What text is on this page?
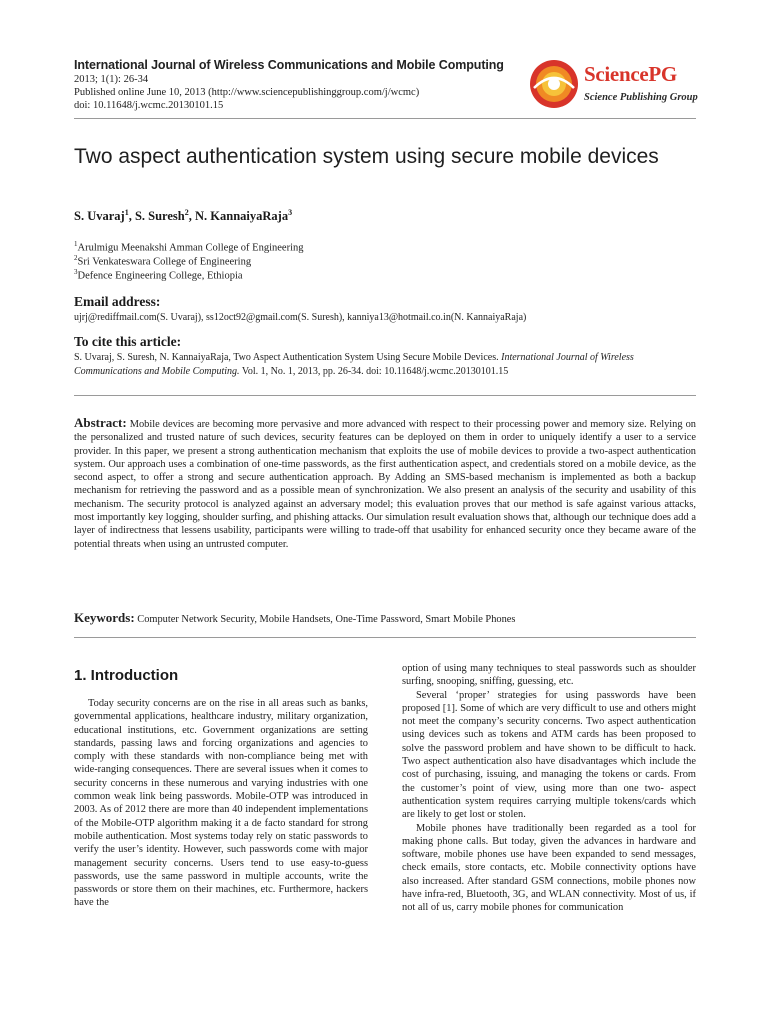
International Journal of Wireless Communications and Mobile Computing
2013; 1(1): 26-34
Published online June 10, 2013 (http://www.sciencepublishinggroup.com/j/wcmc)
doi: 10.11648/j.wcmc.20130101.15
SciencePG
Science Publishing Group
Two aspect authentication system using secure mobile devices
S. Uvaraj$^1$, S. Suresh$^2$, N. KannaiyaRaja$^3$
$^1$Arulmigu Meenakshi Amman College of Engineering
$^2$Sri Venkateswara College of Engineering
$^3$Defence Engineering College, Ethiopia
Email address:
ujrj@rediffmail.com(S. Uvaraj), ss12oct92@gmail.com(S. Suresh), kanniya13@hotmail.co.in(N. KannaiyaRaja)
To cite this article:
S. Uvaraj, S. Suresh, N. KannaiyaRaja, Two Aspect Authentication System Using Secure Mobile Devices. International Journal of Wireless Communications and Mobile Computing. Vol. 1, No. 1, 2013, pp. 26-34. doi: 10.11648/j.wcmc.20130101.15
Abstract: Mobile devices are becoming more pervasive and more advanced with respect to their processing power and memory size. Relying on the personalized and trusted nature of such devices, security features can be deployed on them in order to uniquely identify a user to a service provider. In this paper, we present a strong authentication mechanism that exploits the use of mobile devices to provide a two-aspect authentication system. Our approach uses a combination of one-time passwords, as the first authentication aspect, and credentials stored on a mobile device, as the second aspect, to offer a strong and secure authentication approach. By Adding an SMS-based mechanism is implemented as both a backup mechanism for retrieving the password and as a possible mean of synchronization. We also present an analysis of the security and usability of this mechanism. The security protocol is analyzed against an adversary model; this evaluation proves that our method is safe against various attacks, most importantly key logging, shoulder surfing, and phishing attacks. Our simulation result evaluation shows that, although our technique does add a layer of indirectness that lessens usability, participants were willing to trade-off that usability for enhanced security once they became aware of the potential threats when using an untrusted computer.
Keywords: Computer Network Security, Mobile Handsets, One-Time Password, Smart Mobile Phones
1. Introduction

Today security concerns are on the rise in all areas such as banks, governmental applications, healthcare industry, military organization, educational institutions, etc. Government organizations are setting standards, passing laws and forcing organizations and agencies to comply with these standards with non-compliance being met with wide-ranging consequences. There are several issues when it comes to security concerns in these numerous and varying industries with one common weak link being passwords. Mobile-OTP was introduced in 2003. As of 2012 there are more than 40 independent implementations of the Mobile-OTP algorithm making it a de facto standard for strong mobile authentication. Most systems today rely on static passwords to verify the user’s identity. However, such passwords come with major management security concerns. Users tend to use easy-to-guess passwords, use the same password in multiple accounts, write the passwords or store them on their machines, etc. Furthermore, hackers have the

option of using many techniques to steal passwords such as shoulder surfing, snooping, sniffing, guessing, etc.

Several ‘proper’ strategies for using passwords have been proposed [1]. Some of which are very difficult to use and others might not meet the company’s security concerns. Two aspect authentication using devices such as tokens and ATM cards has been proposed to solve the password problem and have shown to be difficult to hack. Two aspect authentication also have disadvantages which include the cost of purchasing, issuing, and managing the tokens or cards. From the customer’s point of view, using more than one two- aspect authentication system requires carrying multiple tokens/cards which are likely to get lost or stolen.

Mobile phones have traditionally been regarded as a tool for making phone calls. But today, given the advances in hardware and software, mobile phones use have been expanded to send messages, check emails, store contacts, etc. Mobile connectivity options have also increased. After standard GSM connections, mobile phones now have infra-red, Bluetooth, 3G, and WLAN connectivity. Most of us, if not all of us, carry mobile phones for communication
